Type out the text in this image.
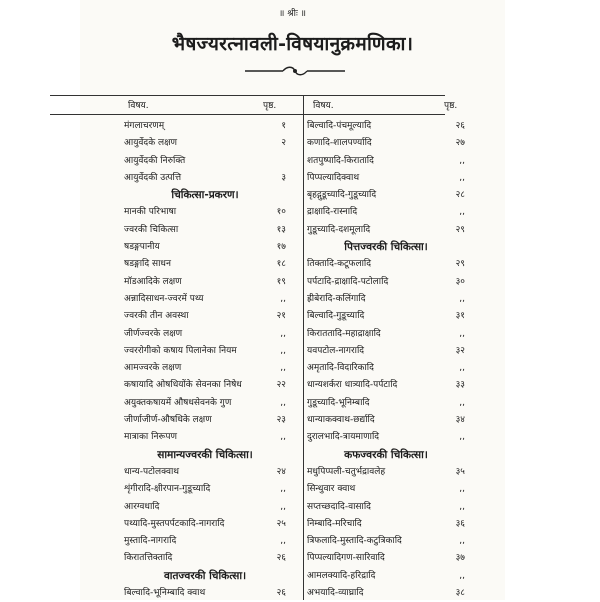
॥ श्रीः ॥
भैषज्यरत्नावली-विषयानुक्रमणिका।
विषय.	पृष्ठ.	विषय.	पृष्ठ.
मंगलाचरणम्	१
आयुर्वेदके लक्षण	२
आयुर्वेदकी निरुक्ति
आयुर्वेदकी उत्पत्ति	३
चिकित्सा-प्रकरण।
मानकी परिभाषा	१०
ज्वरकी चिकित्सा	१३
षडङ्गपानीय	१७
षडङ्गादि साधन	१८
मॉडआदिके लक्षण	१९
अन्नादिसाधन-ज्वरमें पथ्य	,,
ज्वरकी तीन अवस्था	२१
जीर्णज्वरके लक्षण	,,
ज्वररोगीको कषाय पिलानेका नियम	,,
आमज्वरके लक्षण	,,
कषायादि ओषधियोंके सेवनका निषेध	२२
अयुक्तकषायमें औषधसेवनके गुण	,,
जीर्णाजीर्ण-औषधिके लक्षण	२३
मात्राका निरूपण	,,
सामान्यज्वरकी चिकित्सा।
धान्य-पटोलक्वाथ	२४
शृंगीरादि-क्षीरपान-गुडूच्यादि	,,
आरग्वधादि	,,
पथ्यादि-मुस्तपर्पटकादि-नागरादि	२५
मुस्तादि-नागरादि	,,
किरातत्तिक्तादि	२६
वातज्वरकी चिकित्सा।
बिल्वादि-भूनिम्बादि क्वाथ	२६
बिल्वादि-पंचमूल्यादि	२६
कणादि-शालपर्ण्यादि	२७
शतपुष्पादि-किरातादि	,,
पिप्पल्यादिक्वाथ	,,
बृहद्गुडूच्यादि-गुडूच्यादि	२८
द्राक्षादि-रास्नादि	,,
गुडूच्यादि-दशमूलादि	२९
पित्तज्वरकी चिकित्सा।
तिक्तादि-कटूफलादि	२९
पर्पटादि-द्राक्षादि-पटोलादि	३०
ह्रीबेरादि-कलिंगादि	,,
बिल्वादि-गुडूच्यादि	३१
किराततादि-महाद्राक्षादि	,,
यवपटोल-नागरादि	३२
अमृतादि-विदारिकादि	,,
धान्यशर्करा धात्र्यादि-पर्पटादि	३३
गुडूच्यादि-भूनिम्बादि	,,
धान्याकक्वाथ-छर्द्यादि	३४
दुरालभादि-त्रायमाणादि	,,
कफज्वरकी चिकित्सा।
मधुपिप्पली-चतुर्भद्रावलेह	३५
सिन्धुवार क्वाथ	,,
सप्तच्छदादि-वासादि	,,
निम्बादि-मरिचादि	३६
त्रिफलादि-मुस्तादि-कटुत्रिकादि	,,
पिप्पल्यादिगण-सारिवादि	३७
आमलक्यादि-हरिद्रादि	,,
अभयादि-व्याघ्रादि	३८
